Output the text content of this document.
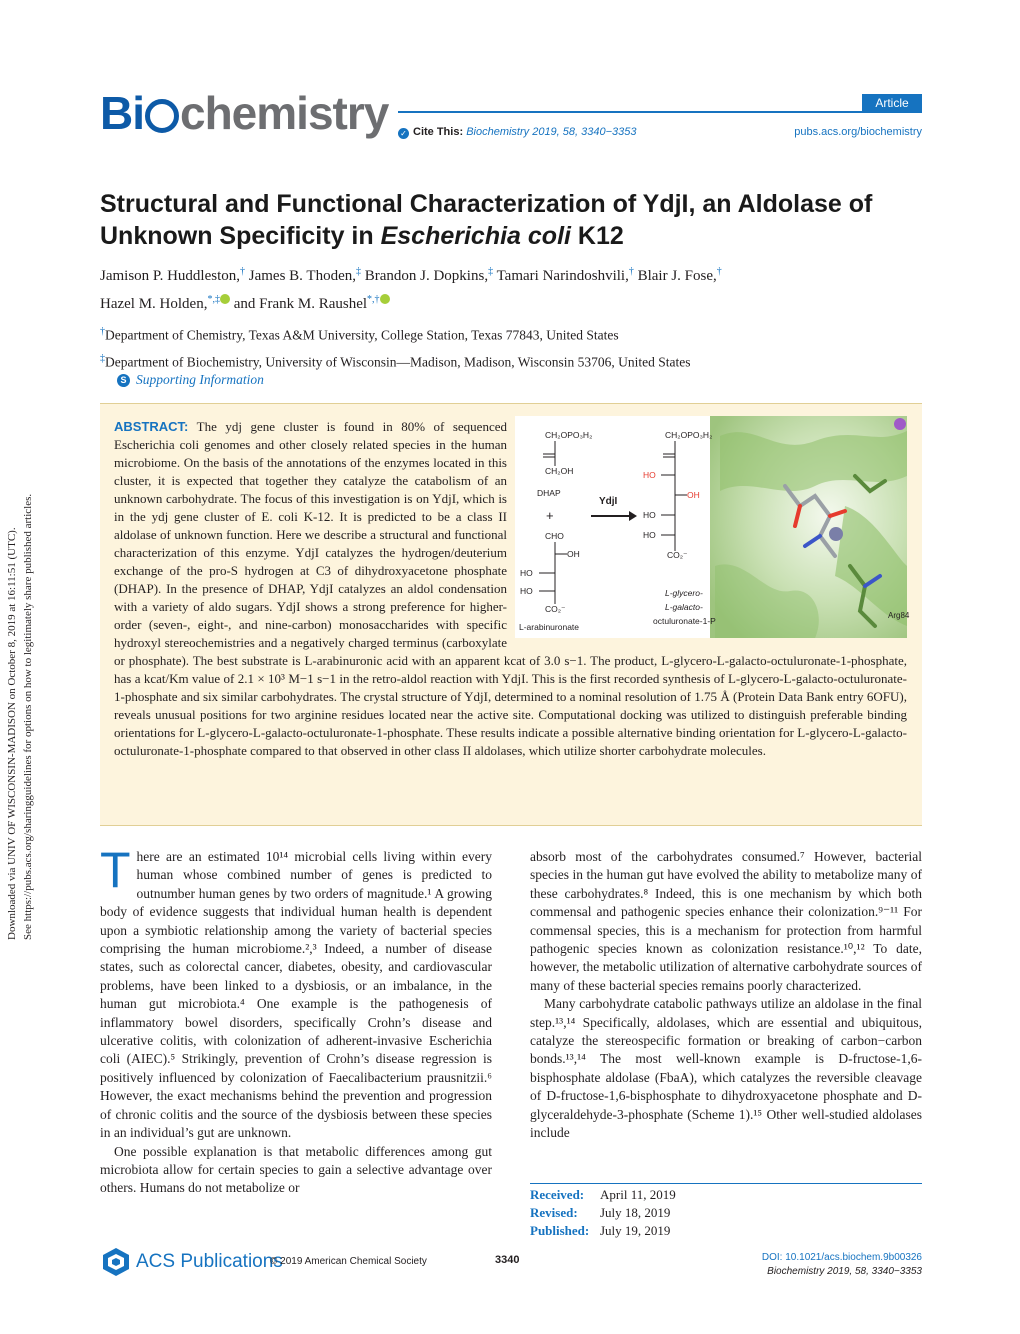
Bi chemistry	Article
✓ Cite This: Biochemistry 2019, 58, 3340−3353	pubs.acs.org/biochemistry
Structural and Functional Characterization of YdjI, an Aldolase of Unknown Specificity in Escherichia coli K12
Jamison P. Huddleston,† James B. Thoden,‡ Brandon J. Dopkins,‡ Tamari Narindoshvili,† Blair J. Fose,†
Hazel M. Holden,*,‡ and Frank M. Raushel*,†
†Department of Chemistry, Texas A&M University, College Station, Texas 77843, United States
‡Department of Biochemistry, University of Wisconsin—Madison, Madison, Wisconsin 53706, United States
S Supporting Information
ABSTRACT: The ydj gene cluster is found in 80% of sequenced Escherichia coli genomes and other closely related species in the human microbiome. On the basis of the annotations of the enzymes located in this cluster, it is expected that together they catalyze the catabolism of an unknown carbohydrate. The focus of this investigation is on YdjI, which is in the ydj gene cluster of E. coli K-12. It is predicted to be a class II aldolase of unknown function. Here we describe a structural and functional characterization of this enzyme. YdjI catalyzes the hydrogen/deuterium exchange of the pro-S hydrogen at C3 of dihydroxyacetone phosphate (DHAP). In the presence of DHAP, YdjI catalyzes an aldol condensation with a variety of aldo sugars. YdjI shows a strong preference for higher-order (seven-, eight-, and nine-carbon) monosaccharides with specific hydroxyl stereochemistries and a negatively charged terminus (carboxylate or phosphate). The best substrate is L-arabinuronic acid with an apparent kcat of 3.0 s−1. The product, L-glycero-L-galacto-octuluronate-1-phosphate, has a kcat/Km value of 2.1 × 10³ M−1 s−1 in the retro-aldol reaction with YdjI. This is the first recorded synthesis of L-glycero-L-galacto-octuluronate-1-phosphate and six similar carbohydrates. The crystal structure of YdjI, determined to a nominal resolution of 1.75 Å (Protein Data Bank entry 6OFU), reveals unusual positions for two arginine residues located near the active site. Computational docking was utilized to distinguish preferable binding orientations for L-glycero-L-galacto-octuluronate-1-phosphate. These results indicate a possible alternative binding orientation for L-glycero-L-galacto-octuluronate-1-phosphate compared to that observed in other class II aldolases, which utilize shorter carbohydrate molecules.
Arg84
CH₂OPO₃H₂
CH₂OH
DHAP
+
CHO
OH
HO
HO
CO₂⁻
L-arabinuronate
YdjI
CH₂OPO₃H₂
HO
OH
HO
HO
CO₂⁻
L-glycero-
L-galacto-
octuluronate-1-P
Downloaded via UNIV OF WISCONSIN-MADISON on October 8, 2019 at 16:11:51 (UTC). See https://pubs.acs.org/sharingguidelines for options on how to legitimately share published articles. There are an estimated 10¹⁴ microbial cells living within every human whose combined number of genes is predicted to outnumber human genes by two orders of magnitude.¹ A growing body of evidence suggests that individual human health is dependent upon a symbiotic relationship among the variety of bacterial species comprising the human microbiome.²,³ Indeed, a number of disease states, such as colorectal cancer, diabetes, obesity, and cardiovascular problems, have been linked to a dysbiosis, or an imbalance, in the human gut microbiota.⁴ One example is the pathogenesis of inflammatory bowel disorders, specifically Crohn’s disease and ulcerative colitis, with colonization of adherent-invasive Escherichia coli (AIEC).⁵ Strikingly, prevention of Crohn’s disease regression is positively influenced by colonization of Faecalibacterium prausnitzii.⁶ However, the exact mechanisms behind the prevention and progression of chronic colitis and the source of the dysbiosis between these species in an individual’s gut are unknown.

One possible explanation is that metabolic differences among gut microbiota allow for certain species to gain a selective advantage over others. Humans do not metabolize or

absorb most of the carbohydrates consumed.⁷ However, bacterial species in the human gut have evolved the ability to metabolize many of these carbohydrates.⁸ Indeed, this is one mechanism by which both commensal and pathogenic species enhance their colonization.⁹⁻¹¹ For commensal species, this is a mechanism for protection from harmful pathogenic species known as colonization resistance.¹⁰,¹² To date, however, the metabolic utilization of alternative carbohydrate sources of many of these bacterial species remains poorly characterized.

Many carbohydrate catabolic pathways utilize an aldolase in the final step.¹³,¹⁴ Specifically, aldolases, which are essential and ubiquitous, catalyze the stereospecific formation or breaking of carbon−carbon bonds.¹³,¹⁴ The most well-known example is D-fructose-1,6-bisphosphate aldolase (FbaA), which catalyzes the reversible cleavage of D-fructose-1,6-bisphosphate to dihydroxyacetone phosphate and D-glyceraldehyde-3-phosphate (Scheme 1).¹⁵ Other well-studied aldolases include

Received: April 11, 2019
Revised: July 18, 2019
Published: July 19, 2019
ACS Publications
© 2019 American Chemical Society	3340	DOI: 10.1021/acs.biochem.9b00326
Biochemistry 2019, 58, 3340−3353
